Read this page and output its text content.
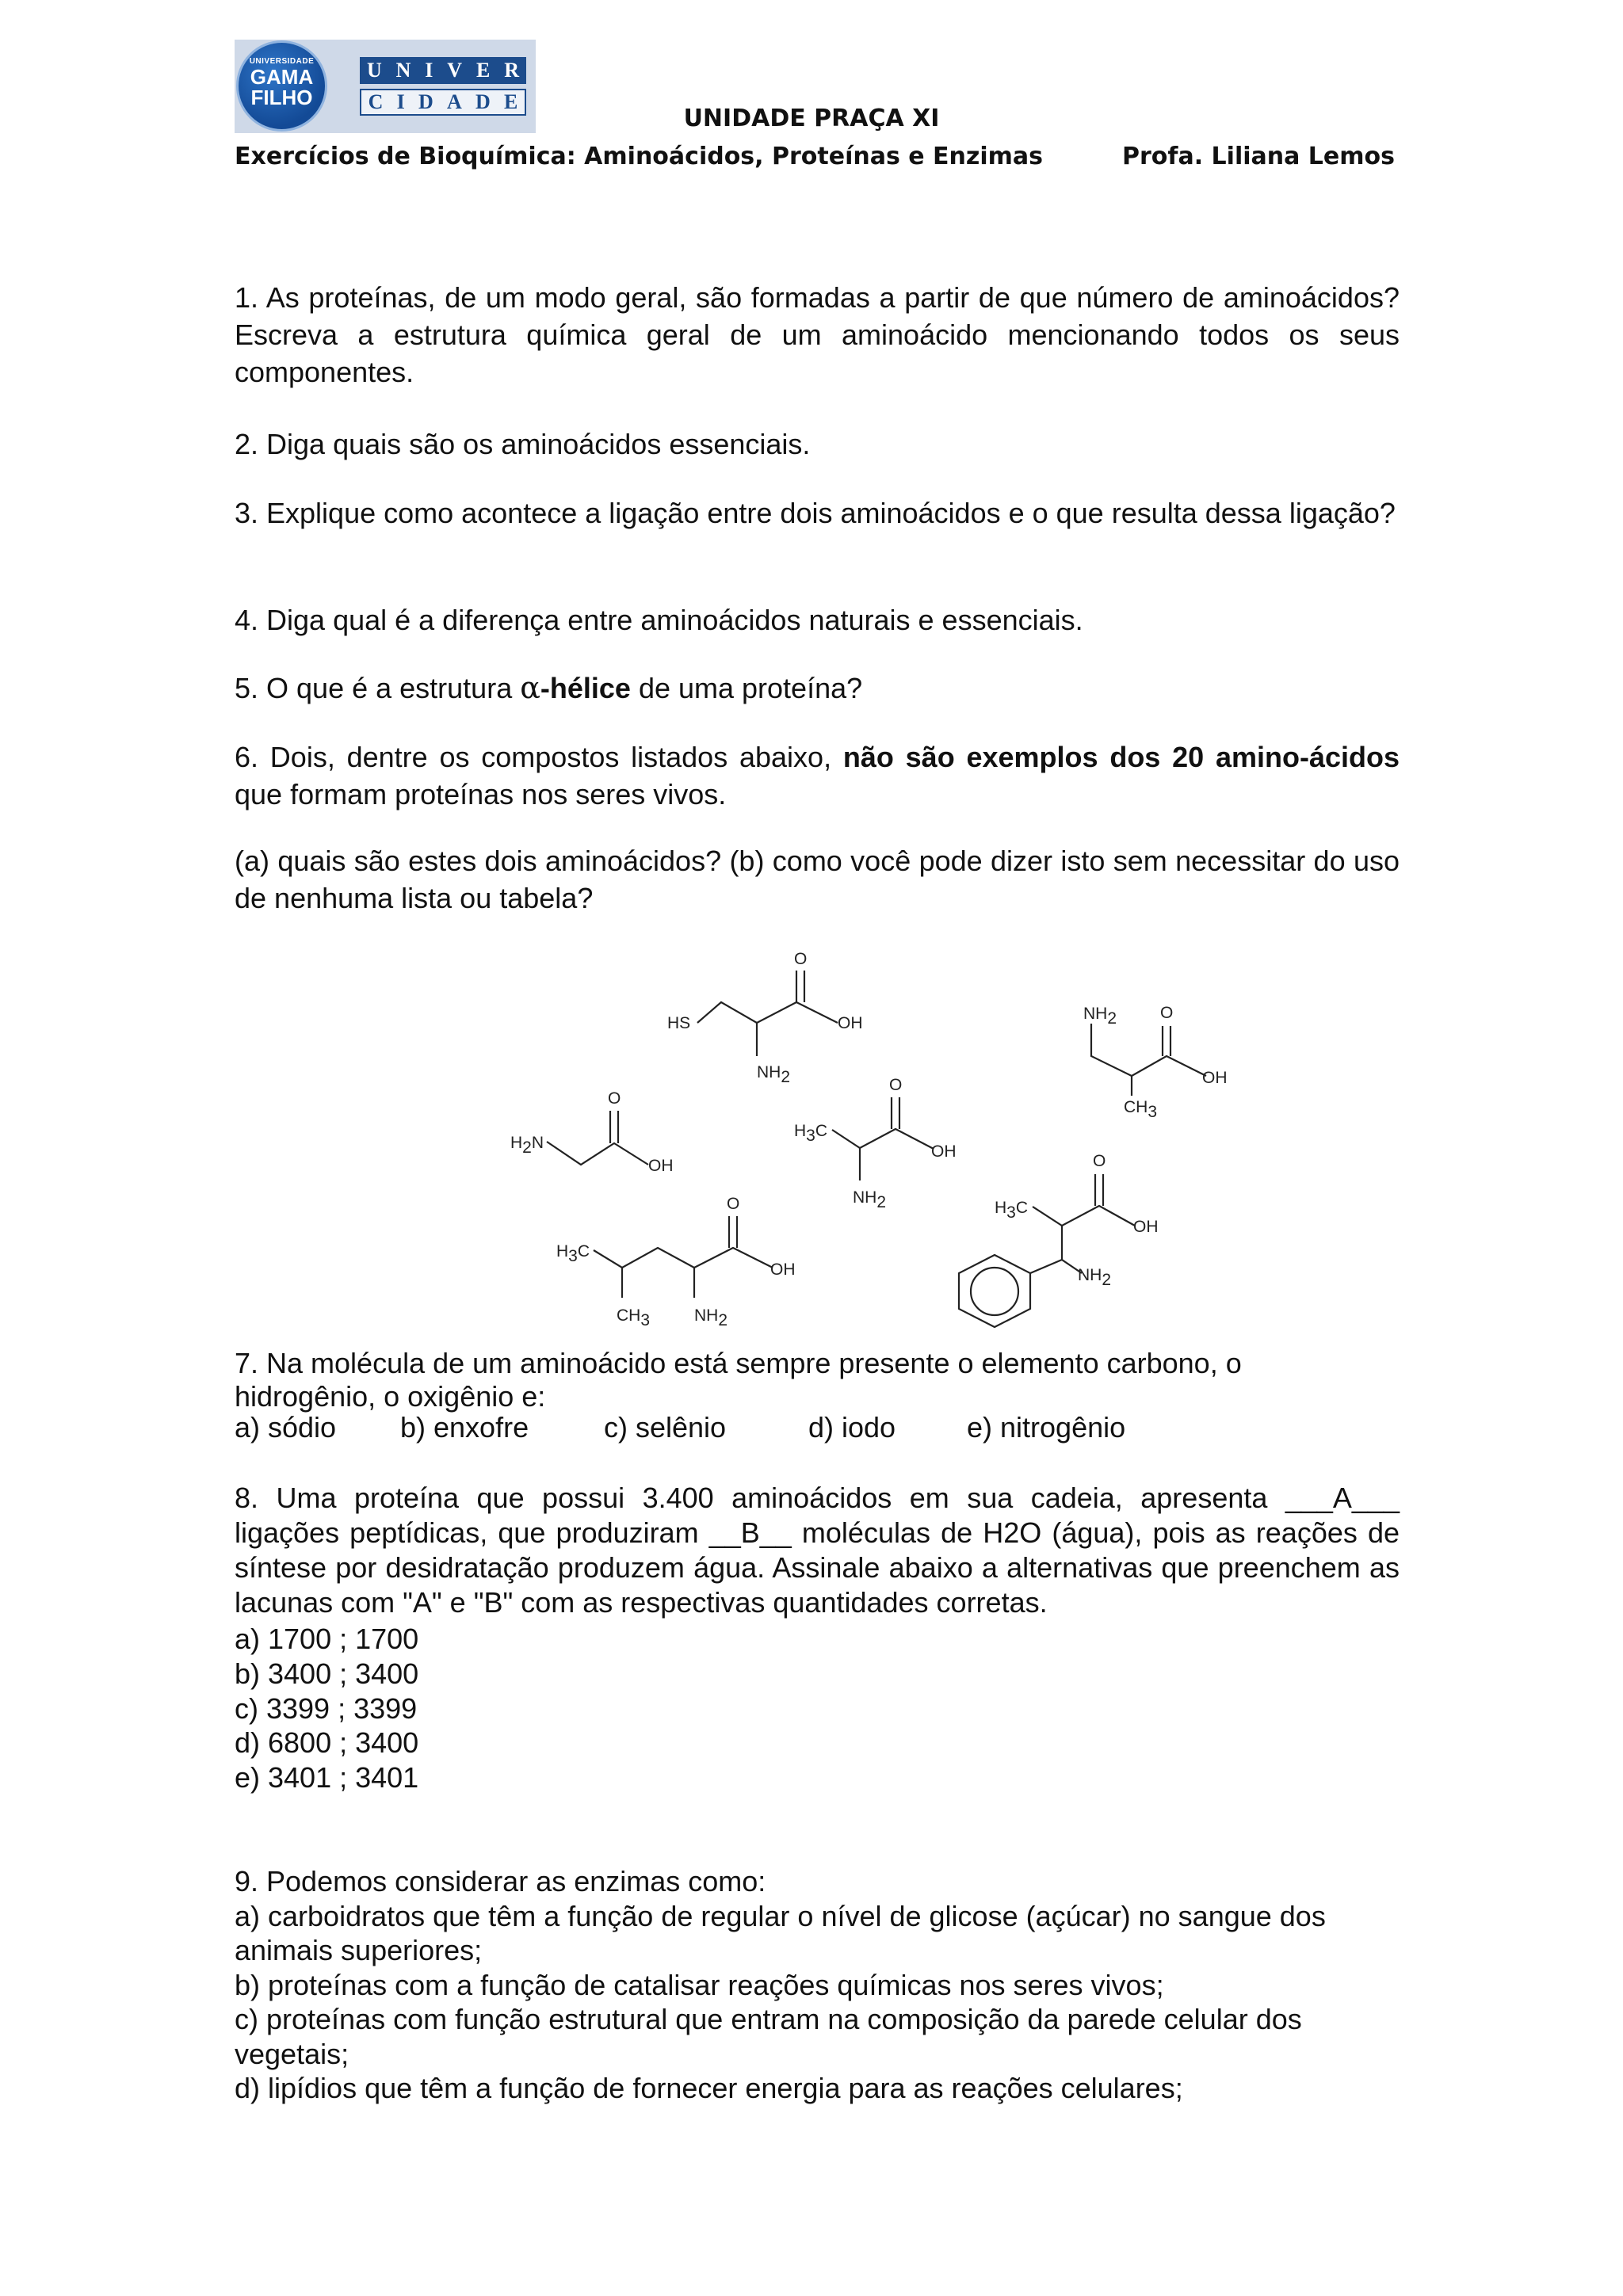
UNIVERSIDADE
GAMA
FILHO
U N I V E R
C I D A D E
UNIDADE PRAÇA XI
Exercícios de Bioquímica: Aminoácidos, Proteínas e Enzimas	Profa. Liliana Lemos

1. As proteínas, de um modo geral, são formadas a partir de que número de aminoácidos? Escreva a estrutura química geral de um aminoácido mencionando todos os seus componentes.

2. Diga quais são os aminoácidos essenciais.

3. Explique como acontece a ligação entre dois aminoácidos e o que resulta dessa ligação?

4. Diga qual é a diferença entre aminoácidos naturais e essenciais.

5. O que é a estrutura α-hélice de uma proteína?

6. Dois, dentre os compostos listados abaixo, não são exemplos dos 20 amino-ácidos que formam proteínas nos seres vivos.

(a) quais são estes dois aminoácidos? (b) como você pode dizer isto sem necessitar do uso de nenhuma lista ou tabela?

HS
O
OH
NH2
NH2	O
OH
CH3
H2N
O
OH
H3C
O
OH
NH2
H3C
O
OH
CH3	NH2
H3C
O
OH
NH2

7. Na molécula de um aminoácido está sempre presente o elemento carbono, o

hidrogênio, o oxigênio e:

a) sódio b) enxofre	c) selênio	d) iodo e) nitrogênio

8. Uma proteína que possui 3.400 aminoácidos em sua cadeia, apresenta ___A___ ligações peptídicas, que produziram __B__ moléculas de H2O (água), pois as reações de síntese por desidratação produzem água. Assinale abaixo a alternativas que preenchem as lacunas com "A" e "B" com as respectivas quantidades corretas.

a) 1700 ; 1700

b) 3400 ; 3400

c) 3399 ; 3399

d) 6800 ; 3400

e) 3401 ; 3401

9. Podemos considerar as enzimas como:

a) carboidratos que têm a função de regular o nível de glicose (açúcar) no sangue dos

animais superiores;

b) proteínas com a função de catalisar reações químicas nos seres vivos;

c) proteínas com função estrutural que entram na composição da parede celular dos

vegetais;

d) lipídios que têm a função de fornecer energia para as reações celulares;
